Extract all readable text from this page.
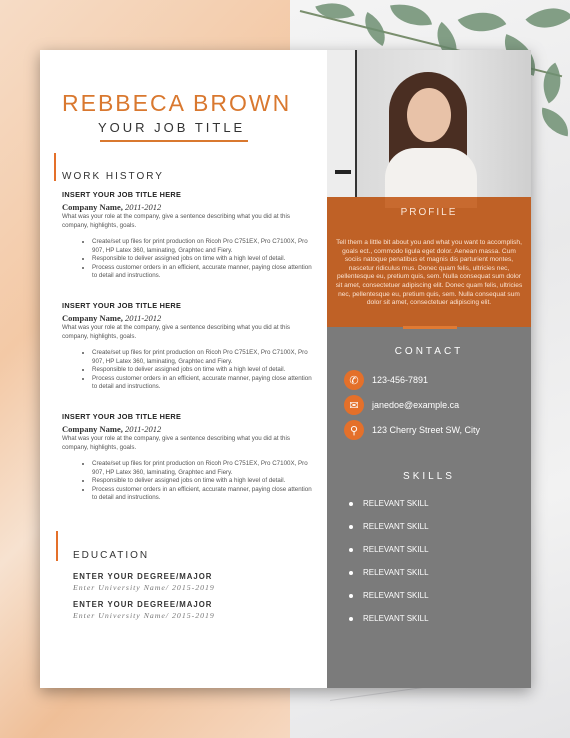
REBBECA BROWN
YOUR JOB TITLE
WORK HISTORY
INSERT YOUR JOB TITLE HERE
Company Name, 2011-2012
What was your role at the company, give a sentence describing what you did at this company, highlights, goals.
• Create/set up files for print production on Ricoh Pro C751EX, Pro C7100X, Pro 907, HP Latex 360, laminating, Graphtec and Fiery.
• Responsible to deliver assigned jobs on time with a high level of detail.
• Process customer orders in an efficient, accurate manner, paying close attention to detail and instructions.
INSERT YOUR JOB TITLE HERE
Company Name, 2011-2012
What was your role at the company, give a sentence describing what you did at this company, highlights, goals.
• Create/set up files for print production on Ricoh Pro C751EX, Pro C7100X, Pro 907, HP Latex 360, laminating, Graphtec and Fiery.
• Responsible to deliver assigned jobs on time with a high level of detail.
• Process customer orders in an efficient, accurate manner, paying close attention to detail and instructions.
INSERT YOUR JOB TITLE HERE
Company Name, 2011-2012
What was your role at the company, give a sentence describing what you did at this company, highlights, goals.
• Create/set up files for print production on Ricoh Pro C751EX, Pro C7100X, Pro 907, HP Latex 360, laminating, Graphtec and Fiery.
• Responsible to deliver assigned jobs on time with a high level of detail.
• Process customer orders in an efficient, accurate manner, paying close attention to detail and instructions.
EDUCATION
ENTER YOUR DEGREE/MAJOR
Enter University Name/ 2015-2019
ENTER YOUR DEGREE/MAJOR
Enter University Name/ 2015-2019
PROFILE

Tell them a little bit about you and what you want to accomplish, goals ect., commodo ligula eget dolor. Aenean massa. Cum sociis natoque penatibus et magnis dis parturient montes, nascetur ridiculus mus. Donec quam felis, ultricies nec, pellentesque eu, pretium quis, sem. Nulla consequat sum dolor sit amet, consectetuer adipiscing elit. Donec quam felis, ultricies nec, pellentesque eu, pretium quis, sem. Nulla consequat sum dolor sit amet, consectetuer adipiscing elit.

CONTACT
✆	123-456-7891
✉	janedoe@example.ca
⚲	123 Cherry Street SW, City
SKILLS
RELEVANT SKILL
RELEVANT SKILL
RELEVANT SKILL
RELEVANT SKILL
RELEVANT SKILL
RELEVANT SKILL
